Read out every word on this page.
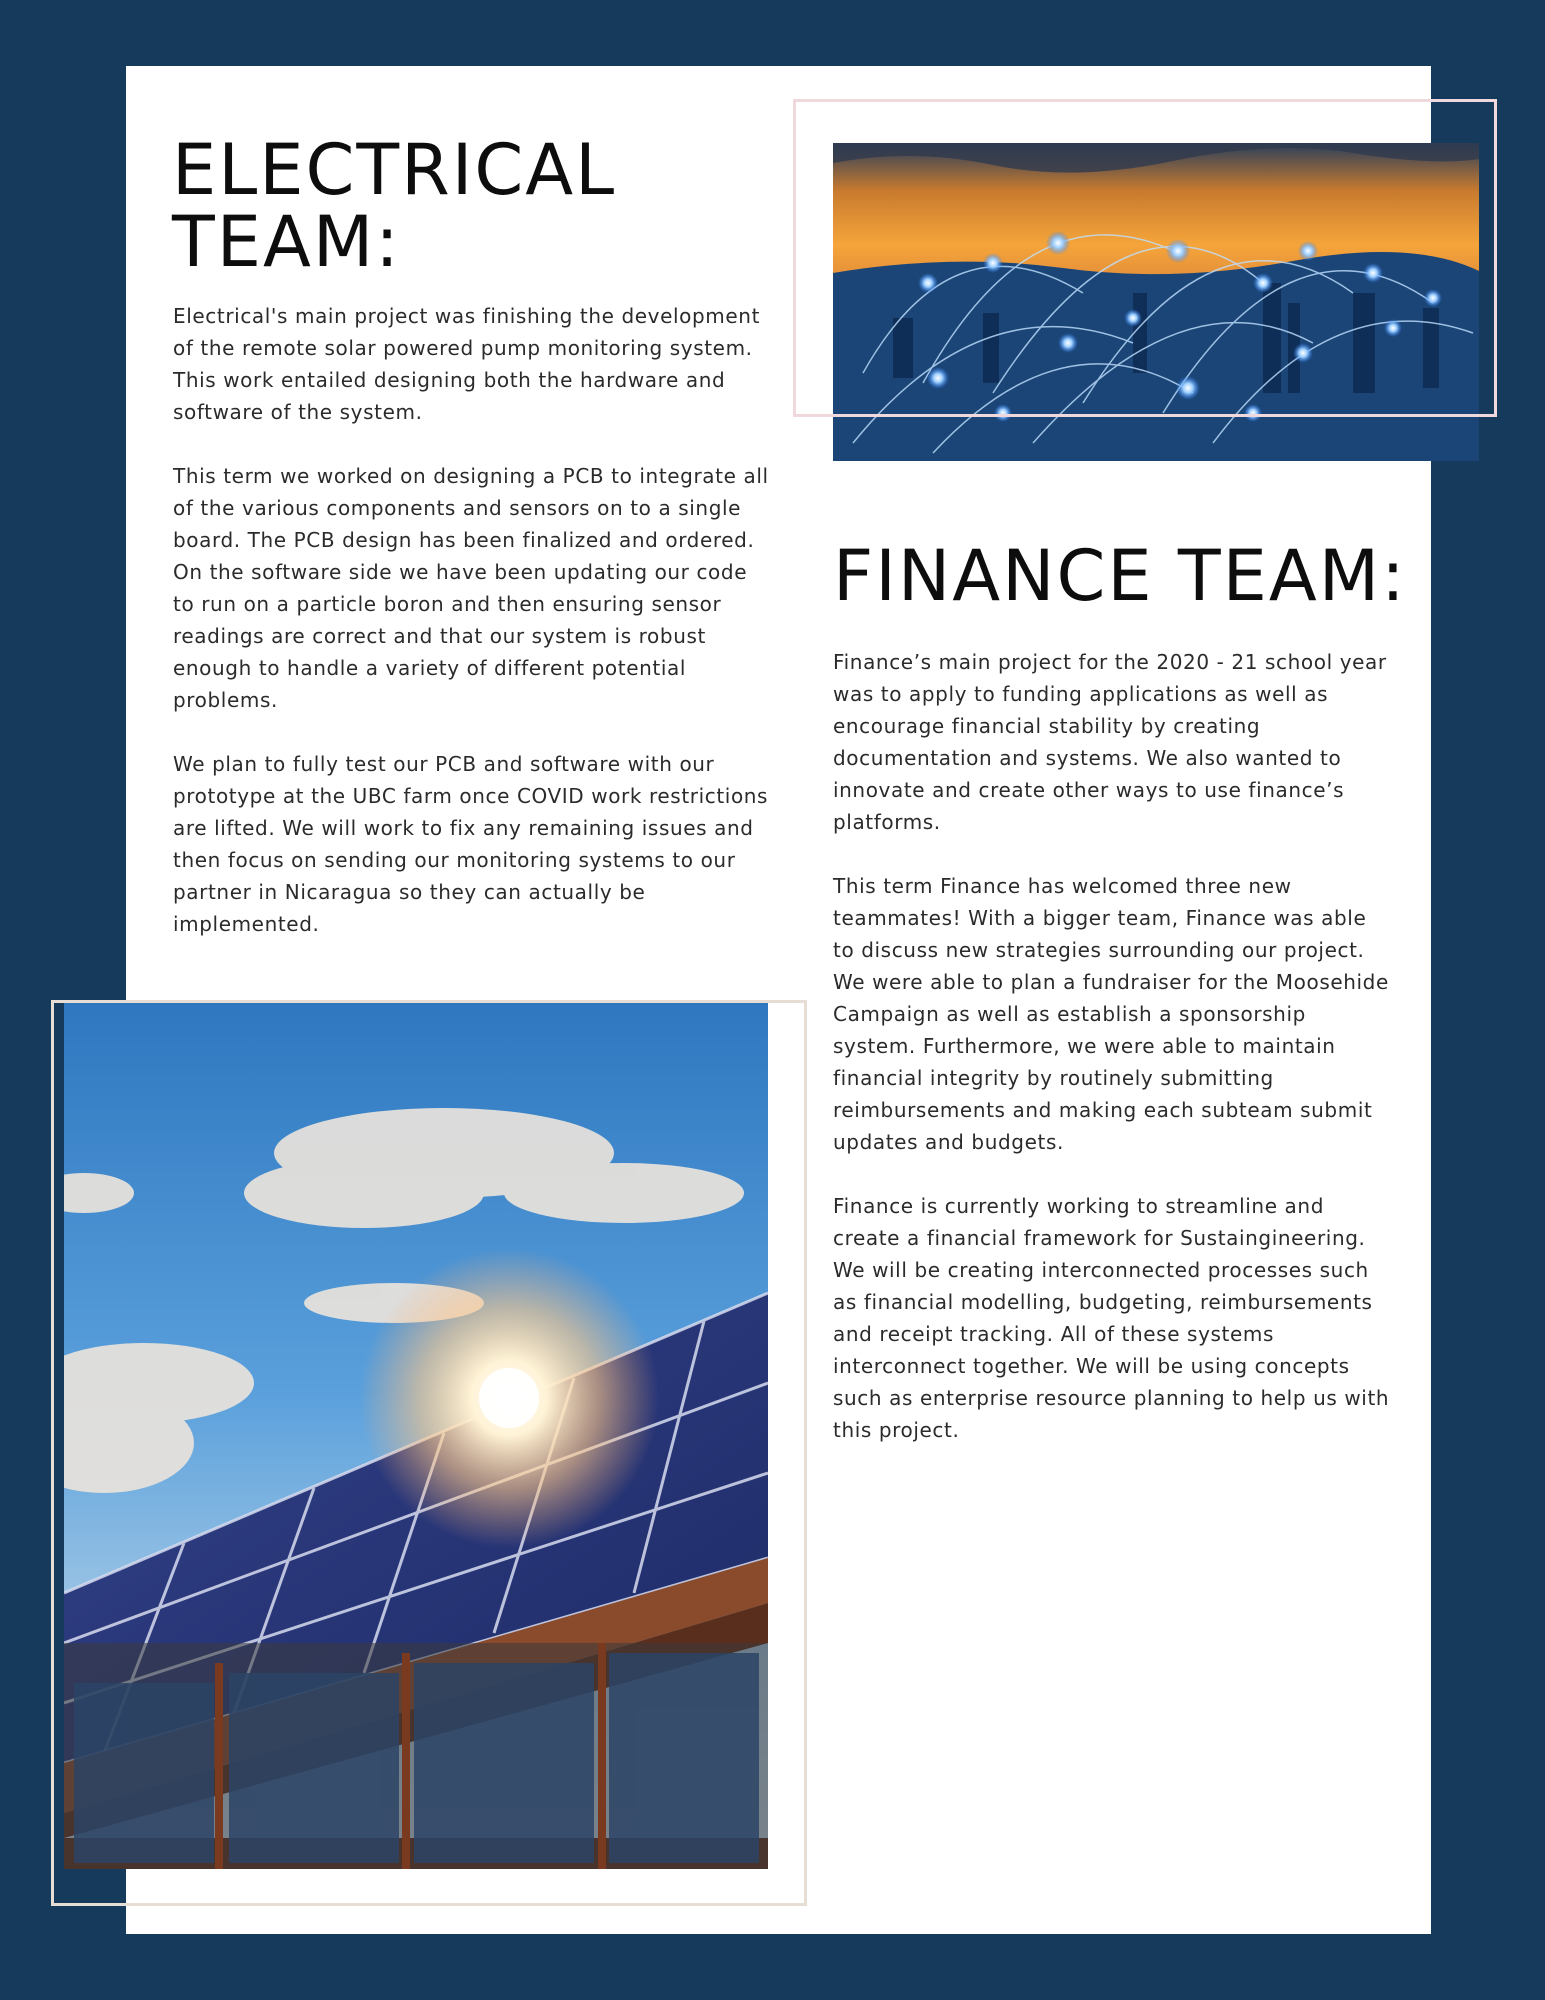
ELECTRICAL
TEAM:

Electrical's main project was finishing the development of the remote solar powered pump monitoring system. This work entailed designing both the hardware and software of the system.

This term we worked on designing a PCB to integrate all of the various components and sensors on to a single board. The PCB design has been finalized and ordered. On the software side we have been updating our code to run on a particle boron and then ensuring sensor readings are correct and that our system is robust enough to handle a variety of different potential problems.

We plan to fully test our PCB and software with our prototype at the UBC farm once COVID work restrictions are lifted. We will work to fix any remaining issues and then focus on sending our monitoring systems to our partner in Nicaragua so they can actually be implemented.

FINANCE TEAM:

Finance’s main project for the 2020 - 21 school year was to apply to funding applications as well as encourage financial stability by creating documentation and systems. We also wanted to innovate and create other ways to use finance’s platforms.

This term Finance has welcomed three new teammates! With a bigger team, Finance was able to discuss new strategies surrounding our project. We were able to plan a fundraiser for the Moosehide Campaign as well as establish a sponsorship system. Furthermore, we were able to maintain financial integrity by routinely submitting reimbursements and making each subteam submit updates and budgets.

Finance is currently working to streamline and create a financial framework for Sustaingineering. We will be creating interconnected processes such as financial modelling, budgeting, reimbursements and receipt tracking. All of these systems interconnect together. We will be using concepts such as enterprise resource planning to help us with this project.
